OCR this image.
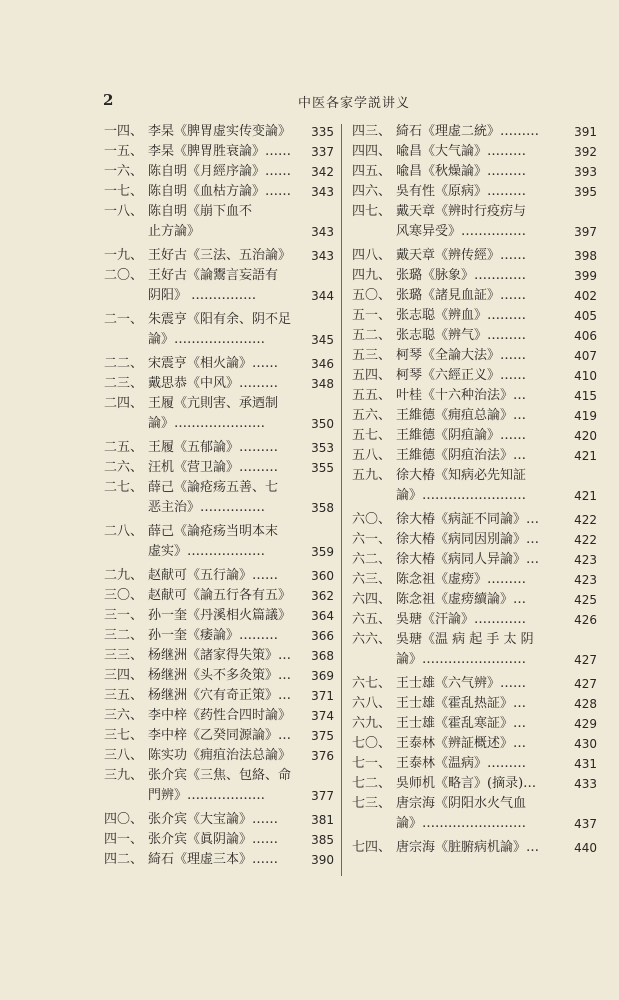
2	中医各家学説讲义
一四、 李杲《脾胃虚实传变論》 335
一五、 李杲《脾胃胜衰論》…… 337
一六、 陈自明《月經序論》…… 342
一七、 陈自明《血枯方論》…… 343
一八、 陈自明《崩下血不
止方論》	343
一九、 王好古《三法、五治論》 343
二〇、 王好古《論鬻言妄語有
阴阳》 ……………	344
二一、 朱震亨《阳有余、阴不足
論》…………………	345
二二、 宋震亨《相火論》……	346
二三、 戴思恭《中风》………	348
二四、 王履《亢則害、承迺制
論》…………………	350
二五、 王履《五郁論》………	353
二六、 汪机《营卫論》………	355
二七、 薛己《論疮疡五善、七
恶主治》……………	358
二八、 薛己《論疮疡当明本末
虚实》………………	359
二九、 赵献可《五行論》……	360
三〇、 赵献可《論五行各有五》 362
三一、 孙一奎《丹溪相火篇議》 364
三二、 孙一奎《痿論》………	366
三三、 杨继洲《諸家得失策》… 368
三四、 杨继洲《头不多灸策》… 369
三五、 杨继洲《穴有奇正策》… 371
三六、 李中梓《药性合四时論》 374
三七、 李中梓《乙癸同源論》… 375
三八、 陈实功《痈疽治法总論》 376
三九、 张介宾《三焦、包絡、命
門辨》………………	377
四〇、 张介宾《大宝論》……	381
四一、 张介宾《眞阴論》……	385
四二、 綺石《理虚三本》……	390
四三、 綺石《理虚二統》………	391
四四、 喩昌《大气論》………	392
四五、 喩昌《秋燥論》………	393
四六、 吳有性《原病》………	395
四七、 戴天章《辨时行疫疠与
风寒异受》……………	397
四八、 戴天章《辨传經》……	398
四九、 张璐《脉象》…………	399
五〇、 张璐《諸見血証》……	402
五一、 张志聪《辨血》………	405
五二、 张志聪《辨气》………	406
五三、 柯琴《全論大法》……	407
五四、 柯琴《六經正义》……	410
五五、 叶桂《十六种治法》…	415
五六、 王維德《痈疽总論》…	419
五七、 王維德《阴疽論》……	420
五八、 王維德《阴疽治法》…	421
五九、 徐大椿《知病必先知証
論》……………………	421
六〇、 徐大椿《病証不同論》…	422
六一、 徐大椿《病同因別論》…	422
六二、 徐大椿《病同人异論》…	423
六三、 陈念祖《虚痨》………	423
六四、 陈念祖《虚痨續論》…	425
六五、 吳瑭《汗論》…………	426
六六、 吳瑭《温 病 起 手 太 阴
論》……………………	427
六七、 王士雄《六气辨》……	427
六八、 王士雄《霍乱热証》…	428
六九、 王士雄《霍乱寒証》…	429
七〇、 王泰林《辨証概述》…	430
七一、 王泰林《温病》………	431
七二、 吳师机《略言》(摘录)…	433
七三、 唐宗海《阴阳水火气血
論》……………………	437
七四、 唐宗海《脏腑病机論》…	440
